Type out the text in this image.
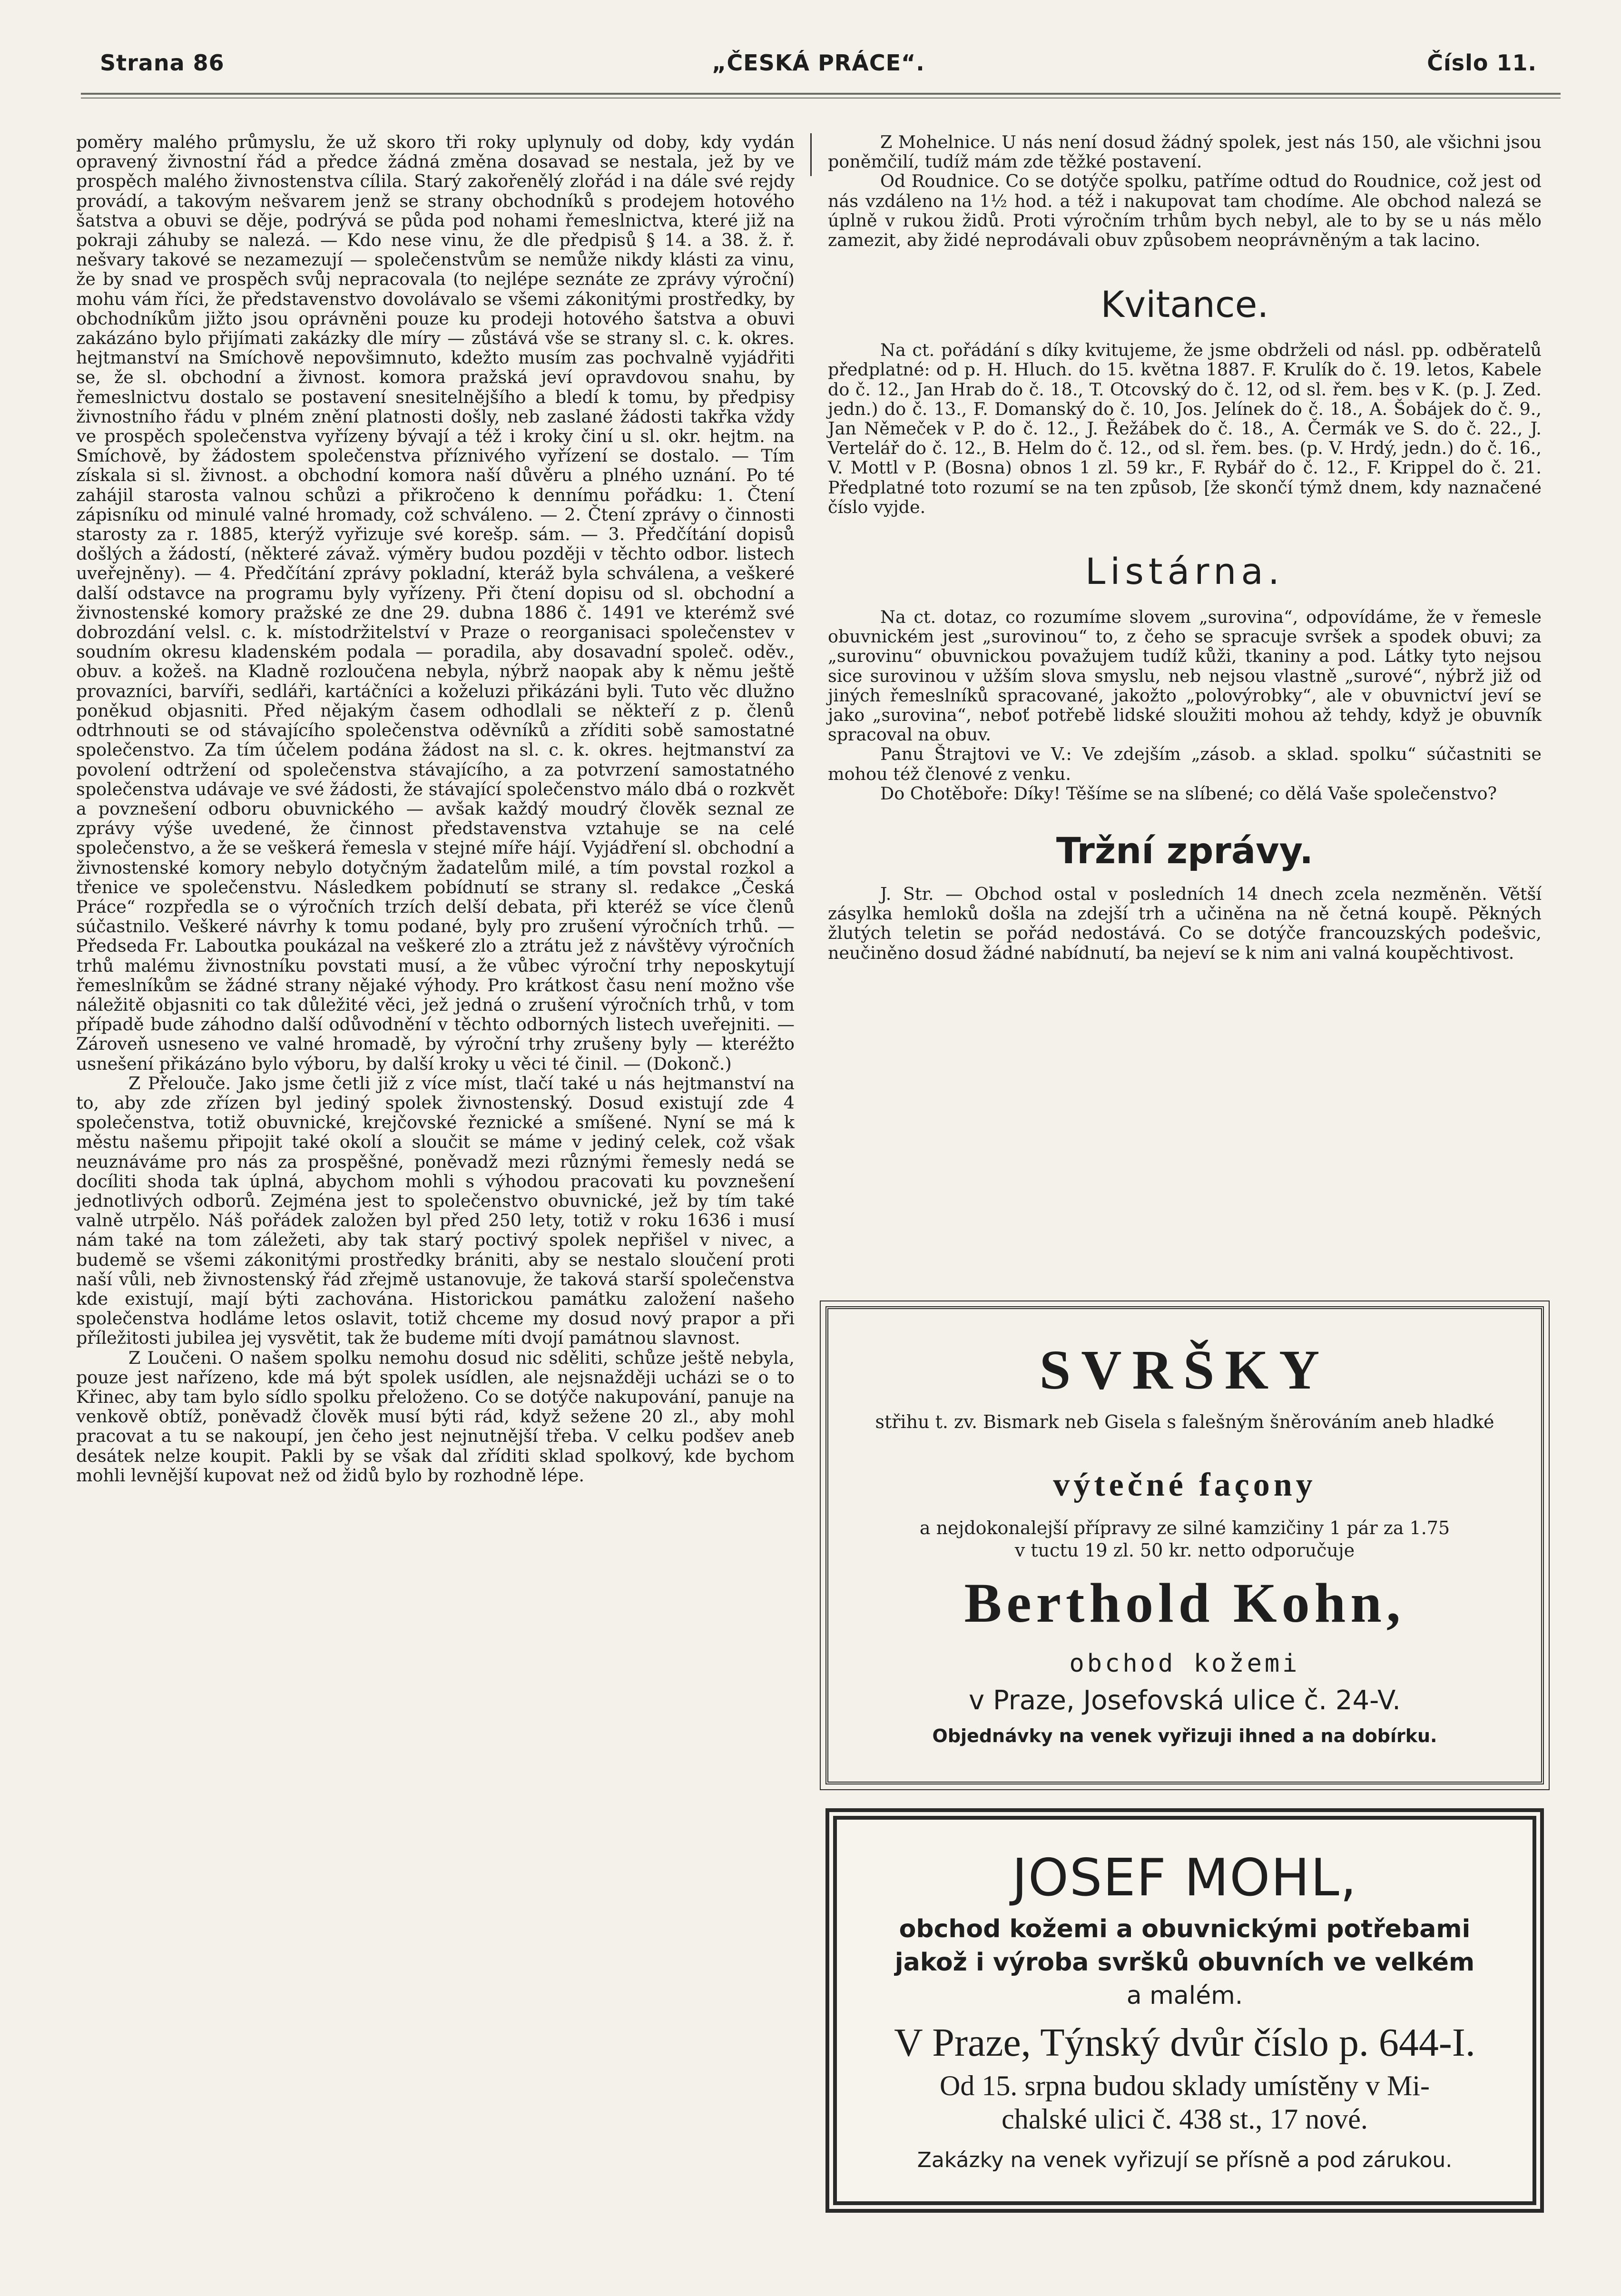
Strana 86	„ČESKÁ PRÁCE“.	Číslo 11.

poměry malého průmyslu, že už skoro tři roky uplynuly od doby, kdy vydán opravený živnostní řád a předce žádná změna dosavad se nestala, jež by ve prospěch malého živnostenstva cílila. Starý zakořenělý zlořád i na dále své rejdy provádí, a takovým nešvarem jenž se strany obchodníků s prodejem hotového šatstva a obuvi se děje, podrývá se půda pod nohami řemeslnictva, které již na pokraji záhuby se nalezá. — Kdo nese vinu, že dle předpisů § 14. a 38. ž. ř. nešvary takové se nezamezují — společenstvům se nemůže nikdy klásti za vinu, že by snad ve prospěch svůj nepracovala (to nejlépe seznáte ze zprávy výroční) mohu vám říci, že představenstvo dovolávalo se všemi zákonitými prostředky, by obchodníkům jižto jsou oprávněni pouze ku prodeji hotového šatstva a obuvi zakázáno bylo přijímati zakázky dle míry — zůstává vše se strany sl. c. k. okres. hejtmanství na Smíchově nepovšimnuto, kdežto musím zas pochvalně vyjádřiti se, že sl. obchodní a živnost. komora pražská jeví opravdovou snahu, by řemeslnictvu dostalo se postavení snesitelnějšího a bledí k tomu, by předpisy živnostního řádu v plném znění platnosti došly, neb zaslané žádosti takřka vždy ve prospěch společenstva vyřízeny bývají a též i kroky činí u sl. okr. hejtm. na Smíchově, by žádostem společenstva příznivého vyřízení se dostalo. — Tím získala si sl. živnost. a obchodní komora naší důvěru a plného uznání. Po té zahájil starosta valnou schůzi a přikročeno k dennímu pořádku: 1. Čtení zápisníku od minulé valné hromady, což schváleno. — 2. Čtení zprávy o činnosti starosty za r. 1885, kterýž vyřizuje své korešp. sám. — 3. Předčítání dopisů došlých a žádostí, (některé závaž. výměry budou později v těchto odbor. listech uveřejněny). — 4. Předčítání zprávy pokladní, kteráž byla schválena, a veškeré další odstavce na programu byly vyřízeny. Při čtení dopisu od sl. obchodní a živnostenské komory pražské ze dne 29. dubna 1886 č. 1491 ve kterémž své dobrozdání velsl. c. k. místodržitelství v Praze o reorganisaci společenstev v soudním okresu kladenském podala — poradila, aby dosavadní společ. oděv., obuv. a kožeš. na Kladně rozloučena nebyla, nýbrž naopak aby k němu ještě provazníci, barvíři, sedláři, kartáčníci a koželuzi přikázáni byli. Tuto věc dlužno poněkud objasniti. Před nějakým časem odhodlali se někteří z p. členů odtrhnouti se od stávajícího společenstva oděvníků a zříditi sobě samostatné společenstvo. Za tím účelem podána žádost na sl. c. k. okres. hejtmanství za povolení odtržení od společenstva stávajícího, a za potvrzení samostatného společenstva udávaje ve své žádosti, že stávající společenstvo málo dbá o rozkvět a povznešení odboru obuvnického — avšak každý moudrý člověk seznal ze zprávy výše uvedené, že činnost představenstva vztahuje se na celé společenstvo, a že se veškerá řemesla v stejné míře hájí. Vyjádření sl. obchodní a živnostenské komory nebylo dotyčným žadatelům milé, a tím povstal rozkol a třenice ve společenstvu. Následkem pobídnutí se strany sl. redakce „Česká Práce“ rozpředla se o výročních trzích delší debata, při kteréž se více členů súčastnilo. Veškeré návrhy k tomu podané, byly pro zrušení výročních trhů. — Předseda Fr. Laboutka poukázal na veškeré zlo a ztrátu jež z návštěvy výročních trhů malému živnostníku povstati musí, a že vůbec výroční trhy neposkytují řemeslníkům se žádné strany nějaké výhody. Pro krátkost času není možno vše náležitě objasniti co tak důležité věci, jež jedná o zrušení výročních trhů, v tom případě bude záhodno další odůvodnění v těchto odborných listech uveřejniti. — Zároveň usneseno ve valné hromadě, by výroční trhy zrušeny byly — kteréžto usnešení přikázáno bylo výboru, by další kroky u věci té činil. — (Dokonč.)

Z Přelouče. Jako jsme četli již z více míst, tlačí také u nás hejtmanství na to, aby zde zřízen byl jediný spolek živnostenský. Dosud existují zde 4 společenstva, totiž obuvnické, krejčovské řeznické a smíšené. Nyní se má k městu našemu připojit také okolí a sloučit se máme v jediný celek, což však neuznáváme pro nás za prospěšné, poněvadž mezi různými řemesly nedá se docíliti shoda tak úplná, abychom mohli s výhodou pracovati ku povznešení jednotlivých odborů. Zejména jest to společenstvo obuvnické, jež by tím také valně utrpělo. Náš pořádek založen byl před 250 lety, totiž v roku 1636 i musí nám také na tom záležeti, aby tak starý poctivý spolek nepřišel v nivec, a budemě se všemi zákonitými prostředky brániti, aby se nestalo sloučení proti naší vůli, neb živnostenský řád zřejmě ustanovuje, že taková starší společenstva kde existují, mají býti zachována. Historickou památku založení našeho společenstva hodláme letos oslavit, totiž chceme my dosud nový prapor a při příležitosti jubilea jej vysvětit, tak že budeme míti dvojí památnou slavnost.

Z Loučeni. O našem spolku nemohu dosud nic sděliti, schůze ještě nebyla, pouze jest nařízeno, kde má být spolek usídlen, ale nejsnažději ucházi se o to Křinec, aby tam bylo sídlo spolku přeloženo. Co se dotýče nakupování, panuje na venkově obtíž, poněvadž člověk musí býti rád, když sežene 20 zl., aby mohl pracovat a tu se nakoupí, jen čeho jest nejnutnější třeba. V celku podšev aneb desátek nelze koupit. Pakli by se však dal zříditi sklad spolkový, kde bychom mohli levnější kupovat než od židů bylo by rozhodně lépe.

Z Mohelnice. U nás není dosud žádný spolek, jest nás 150, ale všichni jsou poněmčilí, tudíž mám zde těžké postavení.

Od Roudnice. Co se dotýče spolku, patříme odtud do Roudnice, což jest od nás vzdáleno na 1½ hod. a též i nakupovat tam chodíme. Ale obchod nalezá se úplně v rukou židů. Proti výročním trhům bych nebyl, ale to by se u nás mělo zamezit, aby židé neprodávali obuv způsobem neoprávněným a tak lacino.

Kvitance.

Na ct. pořádání s díky kvitujeme, že jsme obdrželi od násl. pp. odběratelů předplatné: od p. H. Hluch. do 15. května 1887. F. Krulík do č. 19. letos, Kabele do č. 12., Jan Hrab do č. 18., T. Otcovský do č. 12, od sl. řem. bes v K. (p. J. Zed. jedn.) do č. 13., F. Domanský do č. 10, Jos. Jelínek do č. 18., A. Šobájek do č. 9., Jan Němeček v P. do č. 12., J. Řežábek do č. 18., A. Čermák ve S. do č. 22., J. Vertelář do č. 12., B. Helm do č. 12., od sl. řem. bes. (p. V. Hrdý, jedn.) do č. 16., V. Mottl v P. (Bosna) obnos 1 zl. 59 kr., F. Rybář do č. 12., F. Krippel do č. 21. Předplatné toto rozumí se na ten způsob, [že skončí týmž dnem, kdy naznačené číslo vyjde.

Listárna.

Na ct. dotaz, co rozumíme slovem „surovina“, odpovídáme, že v řemesle obuvnickém jest „surovinou“ to, z čeho se spracuje svršek a spodek obuvi; za „surovinu“ obuvnickou považujem tudíž kůži, tkaniny a pod. Látky tyto nejsou sice surovinou v užším slova smyslu, neb nejsou vlastně „surové“, nýbrž již od jiných řemeslníků spracované, jakožto „polovýrobky“, ale v obuvnictví jeví se jako „surovina“, neboť potřebě lidské sloužiti mohou až tehdy, když je obuvník spracoval na obuv.

Panu Štrajtovi ve V.: Ve zdejším „zásob. a sklad. spolku“ súčastniti se mohou též členové z venku.

Do Chotěboře: Díky! Těšíme se na slíbené; co dělá Vaše společenstvo?

Tržní zprávy.

J. Str. — Obchod ostal v posledních 14 dnech zcela nezměněn. Větší zásylka hemloků došla na zdejší trh a učiněna na ně četná koupě. Pěkných žlutých teletin se pořád nedostává. Co se dotýče francouzských podešvic, neučiněno dosud žádné nabídnutí, ba nejeví se k nim ani valná koupěchtivost.

SVRŠKY
střihu t. zv. Bismark neb Gisela s falešným šněrováním aneb hladké
výtečné façony
a nejdokonalejší přípravy ze silné kamzičiny 1 pár za 1.75
v tuctu 19 zl. 50 kr. netto odporučuje
Berthold Kohn,
obchod kožemi
v Praze, Josefovská ulice č. 24-V.
Objednávky na venek vyřizuji ihned a na dobírku.
JOSEF MOHL,
obchod kožemi a obuvnickými potřebami
jakož i výroba svršků obuvních ve velkém
a malém.
V Praze, Týnský dvůr číslo p. 644-I.
Od 15. srpna budou sklady umístěny v Mi-
chalské ulici č. 438 st., 17 nové.
Zakázky na venek vyřizují se přísně a pod zárukou.
